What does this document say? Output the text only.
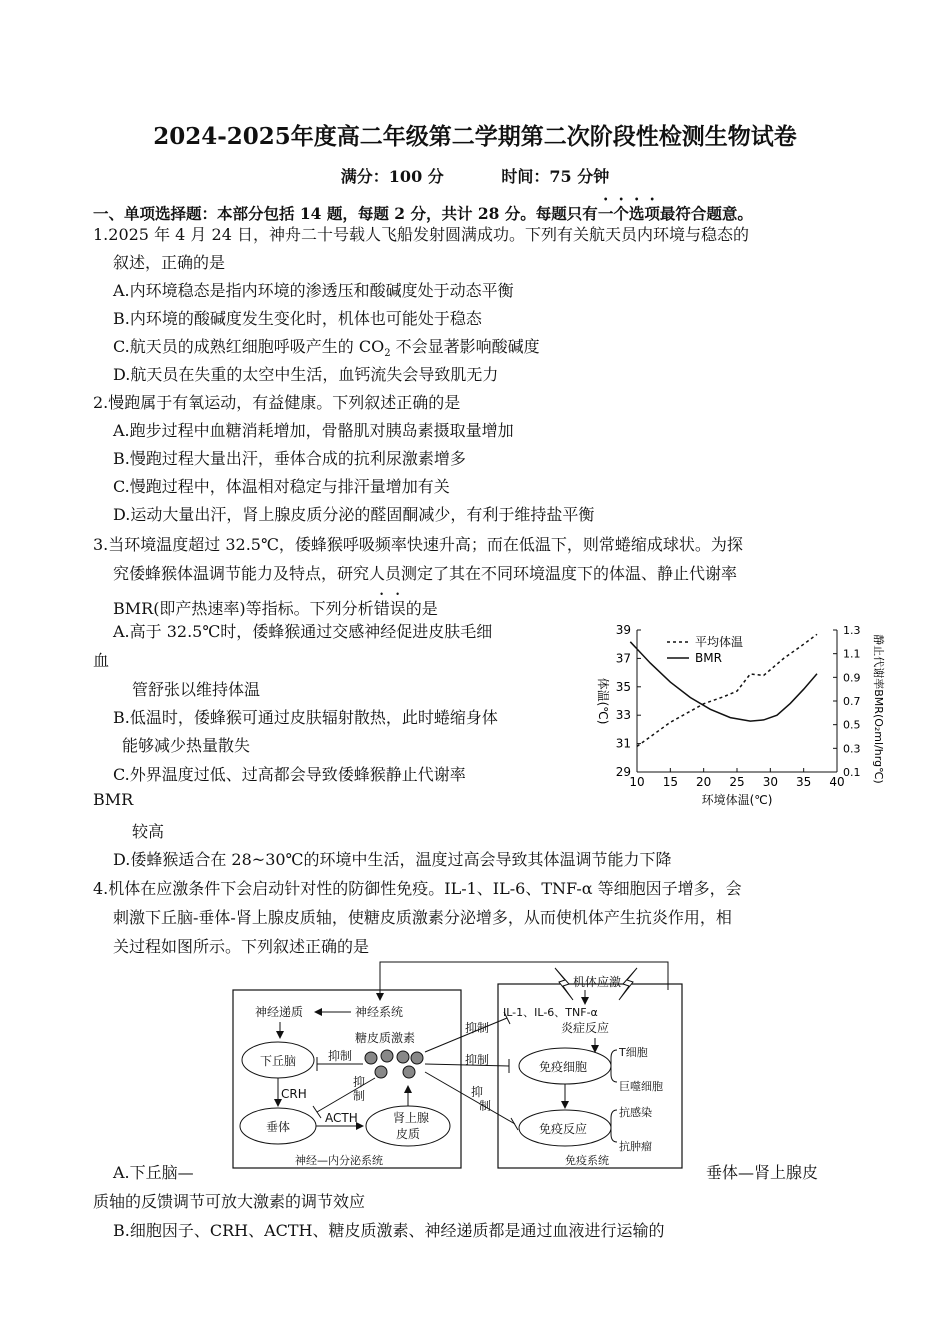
2024-2025年度高二年级第二学期第二次阶段性检测生物试卷
满分：100 分	时间：75 分钟
一、单项选择题：本部分包括 14 题，每题 2 分，共计 28 分。每题只有一个选项最符合题意。
1.2025 年 4 月 24 日，神舟二十号载人飞船发射圆满成功。下列有关航天员内环境与稳态的
叙述，正确的是
A.内环境稳态是指内环境的渗透压和酸碱度处于动态平衡
B.内环境的酸碱度发生变化时，机体也可能处于稳态
C.航天员的成熟红细胞呼吸产生的 $CO_2$ 不会显著影响酸碱度
D.航天员在失重的太空中生活，血钙流失会导致肌无力
2.慢跑属于有氧运动，有益健康。下列叙述正确的是
A.跑步过程中血糖消耗增加，骨骼肌对胰岛素摄取量增加
B.慢跑过程大量出汗，垂体合成的抗利尿激素增多
C.慢跑过程中，体温相对稳定与排汗量增加有关
D.运动大量出汗，肾上腺皮质分泌的醛固酮减少，有利于维持盐平衡
3.当环境温度超过 32.5℃，倭蜂猴呼吸频率快速升高；而在低温下，则常蜷缩成球状。为探
究倭蜂猴体温调节能力及特点，研究人员测定了其在不同环境温度下的体温、静止代谢率
BMR(即产热速率)等指标。下列分析错误的是
A.高于 32.5℃时，倭蜂猴通过交感神经促进皮肤毛细
血
管舒张以维持体温
B.低温时，倭蜂猴可通过皮肤辐射散热，此时蜷缩身体
能够减少热量散失
C.外界温度过低、过高都会导致倭蜂猴静止代谢率
BMR
较高
D.倭蜂猴适合在 28~30℃的环境中生活，温度过高会导致其体温调节能力下降
10 15 20 25 30 35 40
29
31
33
35
37
39
0.1
0.3
0.5
0.7
0.9
1.1
1.3
环境体温(℃)
体温(℃)	静止代谢率BMR(O₂ml/hrg℃)
平均体温
BMR
4.机体在应激条件下会启动针对性的防御性免疫。IL-1、IL-6、TNF-α 等细胞因子增多，会
刺激下丘脑-垂体-肾上腺皮质轴，使糖皮质激素分泌增多，从而使机体产生抗炎作用，相
关过程如图所示。下列叙述正确的是
机体应激
神经系统
神经递质
下丘脑
CRH
垂体
ACTH	肾上腺
皮质
糖皮质激素
抑制
抑
制
抑制
抑制
抑
制
IL-1、IL-6、TNF-α
炎症反应
免疫细胞
T细胞
巨噬细胞
免疫反应
抗感染
抗肿瘤
神经—内分泌系统	免疫系统
A.下丘脑—	垂体—肾上腺皮
质轴的反馈调节可放大激素的调节效应
B.细胞因子、CRH、ACTH、糖皮质激素、神经递质都是通过血液进行运输的
